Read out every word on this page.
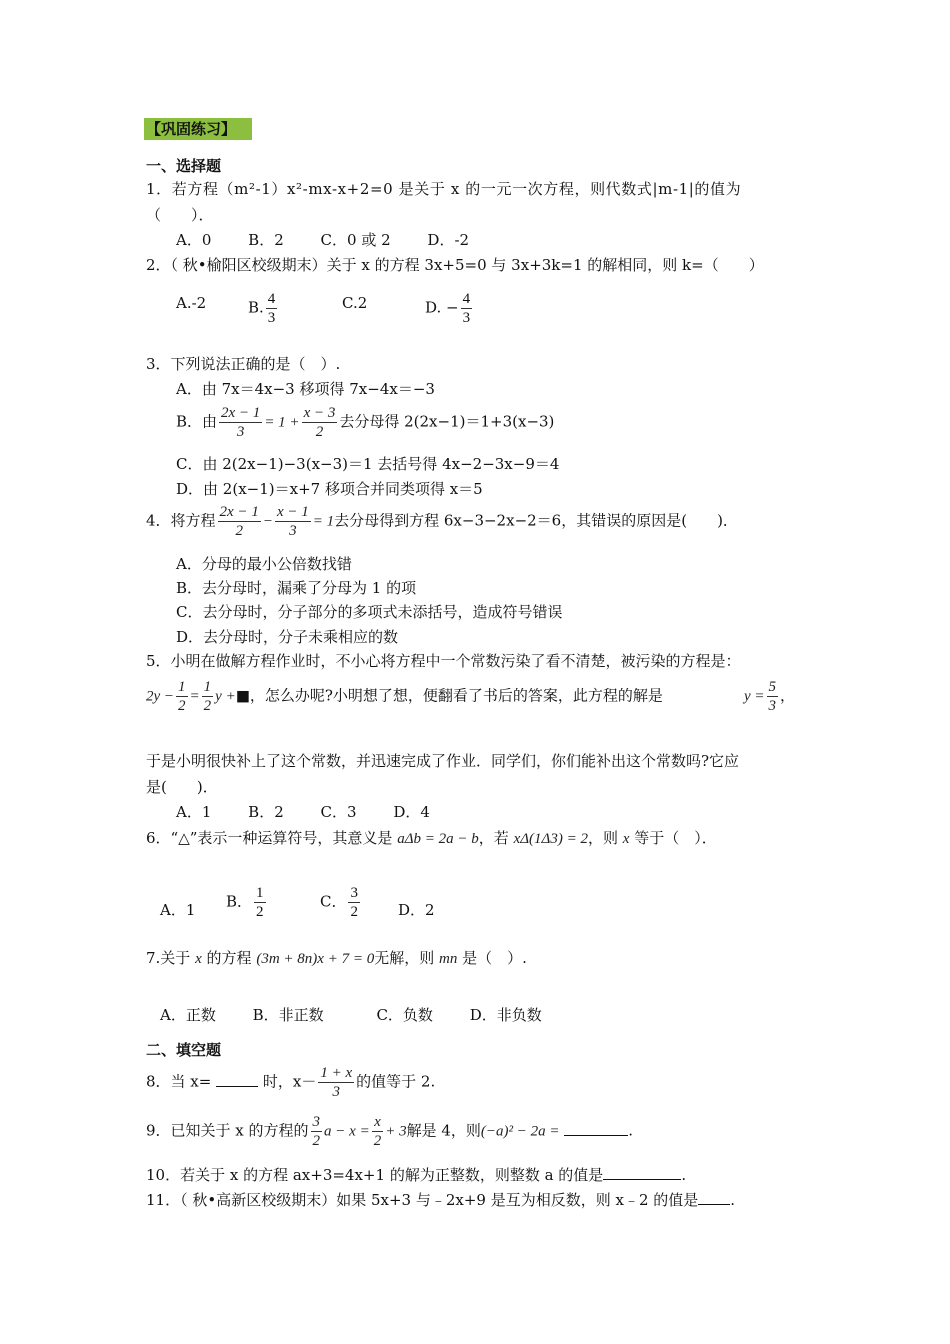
【巩固练习】
一、选择题
1．若方程（m²-1）x²-mx-x+2=0 是关于 x 的一元一次方程，则代数式|m-1|的值为
（　　）．
A．0 B．2 C．0 或 2 D．-2
2．（ 秋•榆阳区校级期末）关于 x 的方程 3x+5=0 与 3x+3k=1 的解相同，则 k=（　　）
A.-2	B. $\frac{4}{3}$	C.2	D. − $\frac{4}{3}$
3．下列说法正确的是（　）.
A．由 7x＝4x−3 移项得 7x−4x＝−3
B．由 $\frac{2x - 1}{3} = 1 + \frac{x - 3}{2}$ 去分母得 2(2x−1)＝1+3(x−3)
C．由 2(2x−1)−3(x−3)＝1 去括号得 4x−2−3x−9＝4
D．由 2(x−1)＝x+7 移项合并同类项得 x＝5
4．将方程 $\frac{2x - 1}{2} - \frac{x - 1}{3} = 1$去分母得到方程 6x−3−2x−2＝6，其错误的原因是(　　)．
A．分母的最小公倍数找错
B．去分母时，漏乘了分母为 1 的项
C．去分母时，分子部分的多项式未添括号，造成符号错误
D．去分母时，分子未乘相应的数
5．小明在做解方程作业时，不小心将方程中一个常数污染了看不清楚，被污染的方程是：
$2y - \frac{1}{2} = \frac{1}{2}$ y +■，怎么办呢?小明想了想，便翻看了书后的答案，此方程的解是	$y = \frac{5}{3}$ ，
于是小明很快补上了这个常数，并迅速完成了作业．同学们，你们能补出这个常数吗?它应
是(　　)．
A．1 B．2 C．3 D．4
6．“△”表示一种运算符号，其意义是 aΔb = 2a − b，若 xΔ(1Δ3) = 2，则 x 等于（　）．
A．1 B． $\frac{1}{2}$	C． $\frac{3}{2}$	D．2
7.关于 x 的方程 (3m + 8n)x + 7 = 0无解，则 mn 是（　）.
A．正数 B．非正数	C．负数 D．非负数
二、填空题
8．当 x=	时，$x- \frac{1 + x}{3}$ 的值等于 2.
9．已知关于 x 的方程的 $\frac{3}{2}$ $a - x = \frac{x}{2} + 3$解是 4，则(−a)² − 2a =	.
10．若关于 x 的方程 ax+3=4x+1 的解为正整数，则整数 a 的值是	.
11．（ 秋•高新区校级期末）如果 5x+3 与﹣2x+9 是互为相反数，则 x﹣2 的值是 .
